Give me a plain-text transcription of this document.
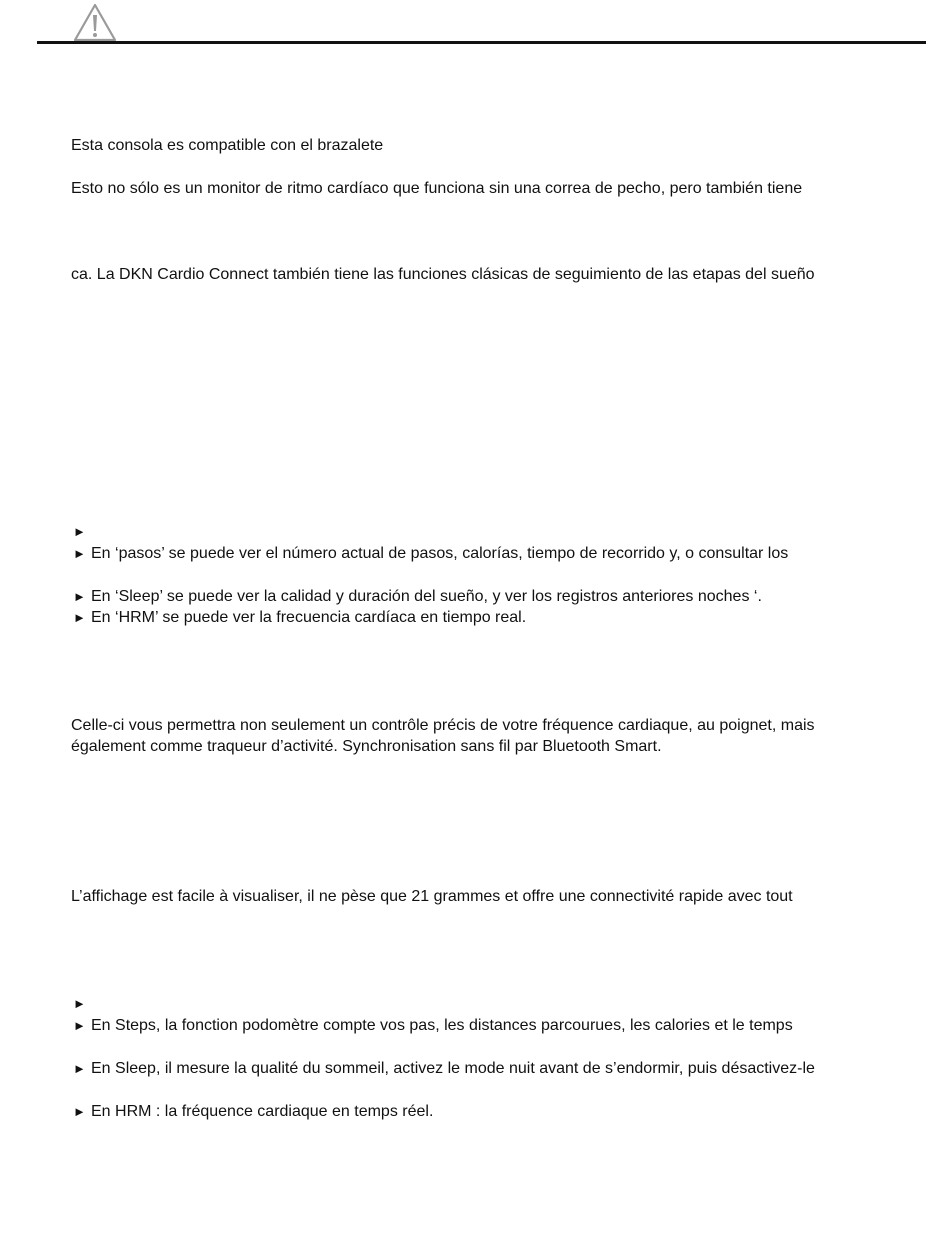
Esta consola es compatible con el brazalete
Esto no sólo es un monitor de ritmo cardíaco que funciona sin una correa de pecho, pero también tiene
ca. La DKN Cardio Connect también tiene las funciones clásicas de seguimiento de las etapas del sueño
►
► En ‘pasos’ se puede ver el número actual de pasos, calorías, tiempo de recorrido y, o consultar los
► En ‘Sleep’ se puede ver la calidad y duración del sueño, y ver los registros anteriores noches ‘.
► En ‘HRM’ se puede ver la frecuencia cardíaca en tiempo real.
Celle-ci vous permettra non seulement un contrôle précis de votre fréquence cardiaque, au poignet, mais
également comme traqueur d’activité. Synchronisation sans fil par Bluetooth Smart.
L’affichage est facile à visualiser, il ne pèse que 21 grammes et offre une connectivité rapide avec tout
►
► En Steps, la fonction podomètre compte vos pas, les distances parcourues, les calories et le temps
► En Sleep, il mesure la qualité du sommeil, activez le mode nuit avant de s’endormir, puis désactivez-le
► En HRM : la fréquence cardiaque en temps réel.
